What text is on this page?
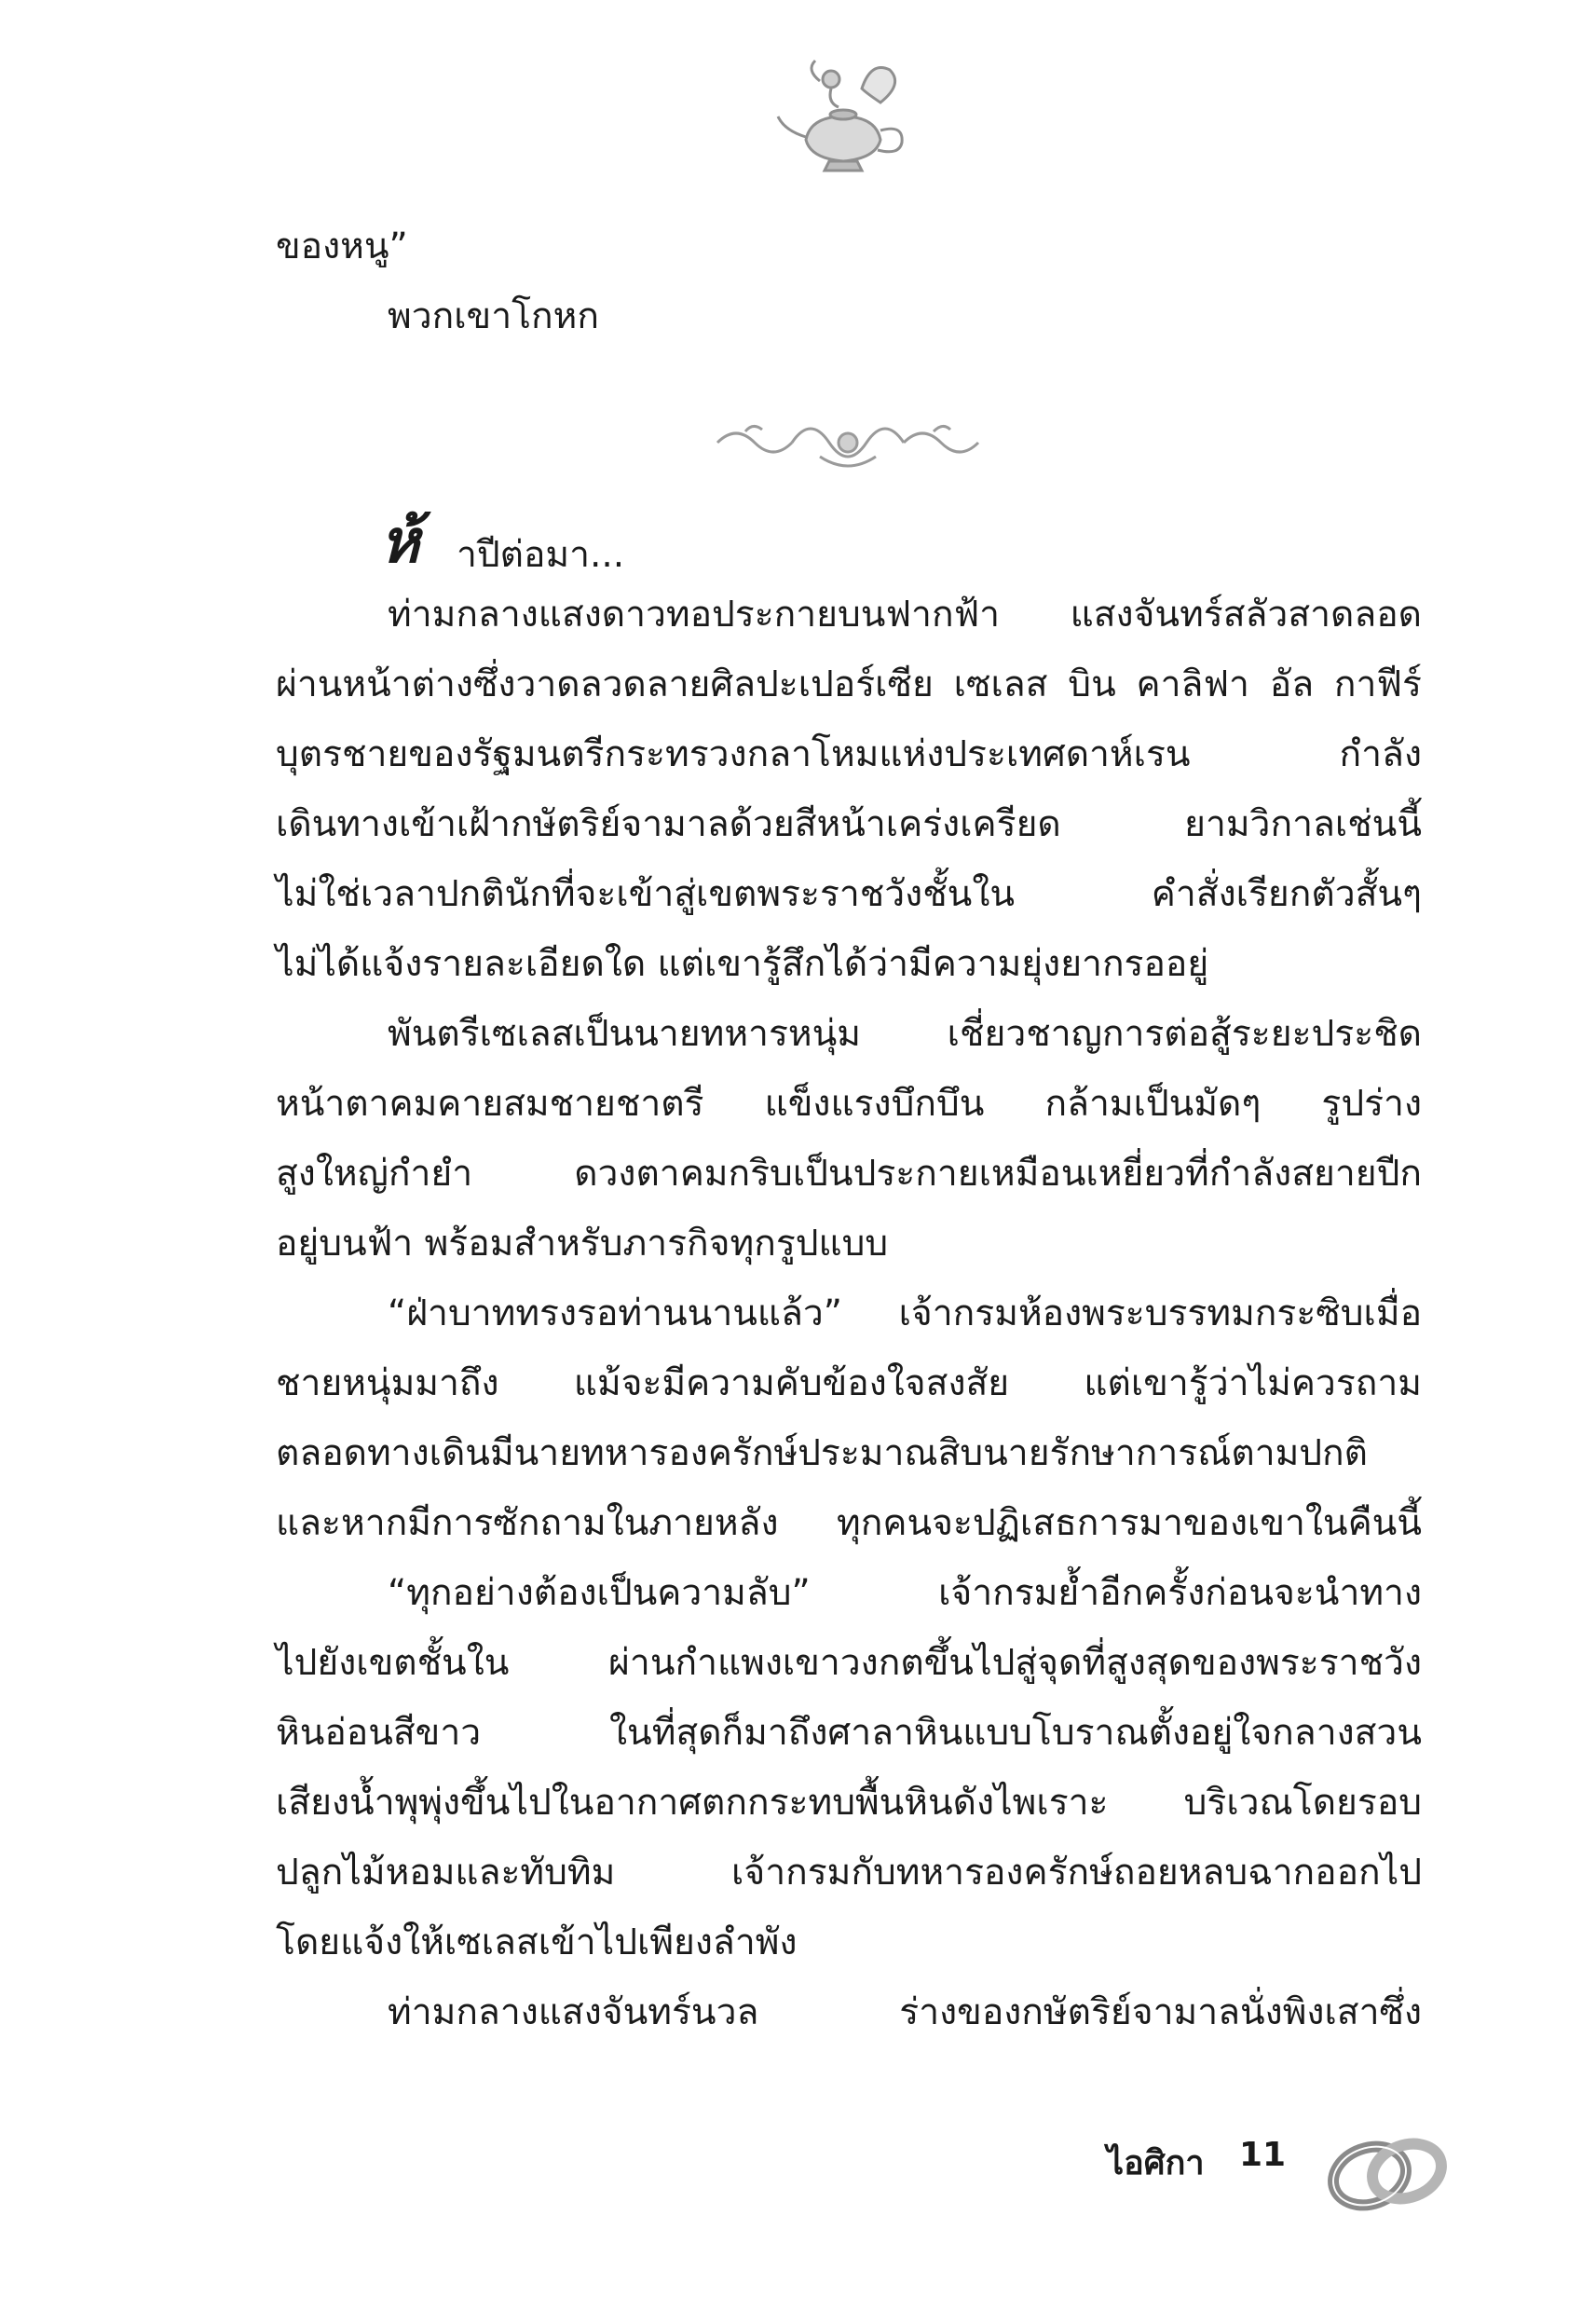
ของหนู”
พวกเขาโกหก
ห้ าปีต่อมา...
ท่ามกลางแสงดาวทอประกายบนฟากฟ้า แสงจันทร์สลัวสาดลอด
ผ่านหน้าต่างซึ่งวาดลวดลายศิลปะเปอร์เซีย เซเลส บิน คาลิฟา อัล กาฟีร์
บุตรชายของรัฐมนตรีกระทรวงกลาโหมแห่งประเทศดาห์เรน กำลัง
เดินทางเข้าเฝ้ากษัตริย์จามาลด้วยสีหน้าเคร่งเครียด ยามวิกาลเช่นนี้
ไม่ใช่เวลาปกตินักที่จะเข้าสู่เขตพระราชวังชั้นใน คำสั่งเรียกตัวสั้นๆ
ไม่ได้แจ้งรายละเอียดใด แต่เขารู้สึกได้ว่ามีความยุ่งยากรออยู่
พันตรีเซเลสเป็นนายทหารหนุ่ม เชี่ยวชาญการต่อสู้ระยะประชิด
หน้าตาคมคายสมชายชาตรี แข็งแรงบึกบึน กล้ามเป็นมัดๆ รูปร่าง
สูงใหญ่กำยำ ดวงตาคมกริบเป็นประกายเหมือนเหยี่ยวที่กำลังสยายปีก
อยู่บนฟ้า พร้อมสำหรับภารกิจทุกรูปแบบ
“ฝ่าบาททรงรอท่านนานแล้ว” เจ้ากรมห้องพระบรรทมกระซิบเมื่อ
ชายหนุ่มมาถึง แม้จะมีความคับข้องใจสงสัย แต่เขารู้ว่าไม่ควรถาม
ตลอดทางเดินมีนายทหารองครักษ์ประมาณสิบนายรักษาการณ์ตามปกติ
และหากมีการซักถามในภายหลัง ทุกคนจะปฏิเสธการมาของเขาในคืนนี้
“ทุกอย่างต้องเป็นความลับ” เจ้ากรมย้ำอีกครั้งก่อนจะนำทาง
ไปยังเขตชั้นใน ผ่านกำแพงเขาวงกตขึ้นไปสู่จุดที่สูงสุดของพระราชวัง
หินอ่อนสีขาว ในที่สุดก็มาถึงศาลาหินแบบโบราณตั้งอยู่ใจกลางสวน
เสียงน้ำพุพุ่งขึ้นไปในอากาศตกกระทบพื้นหินดังไพเราะ บริเวณโดยรอบ
ปลูกไม้หอมและทับทิม เจ้ากรมกับทหารองครักษ์ถอยหลบฉากออกไป
โดยแจ้งให้เซเลสเข้าไปเพียงลำพัง
ท่ามกลางแสงจันทร์นวล ร่างของกษัตริย์จามาลนั่งพิงเสาซึ่ง
ไอศิกา 11
